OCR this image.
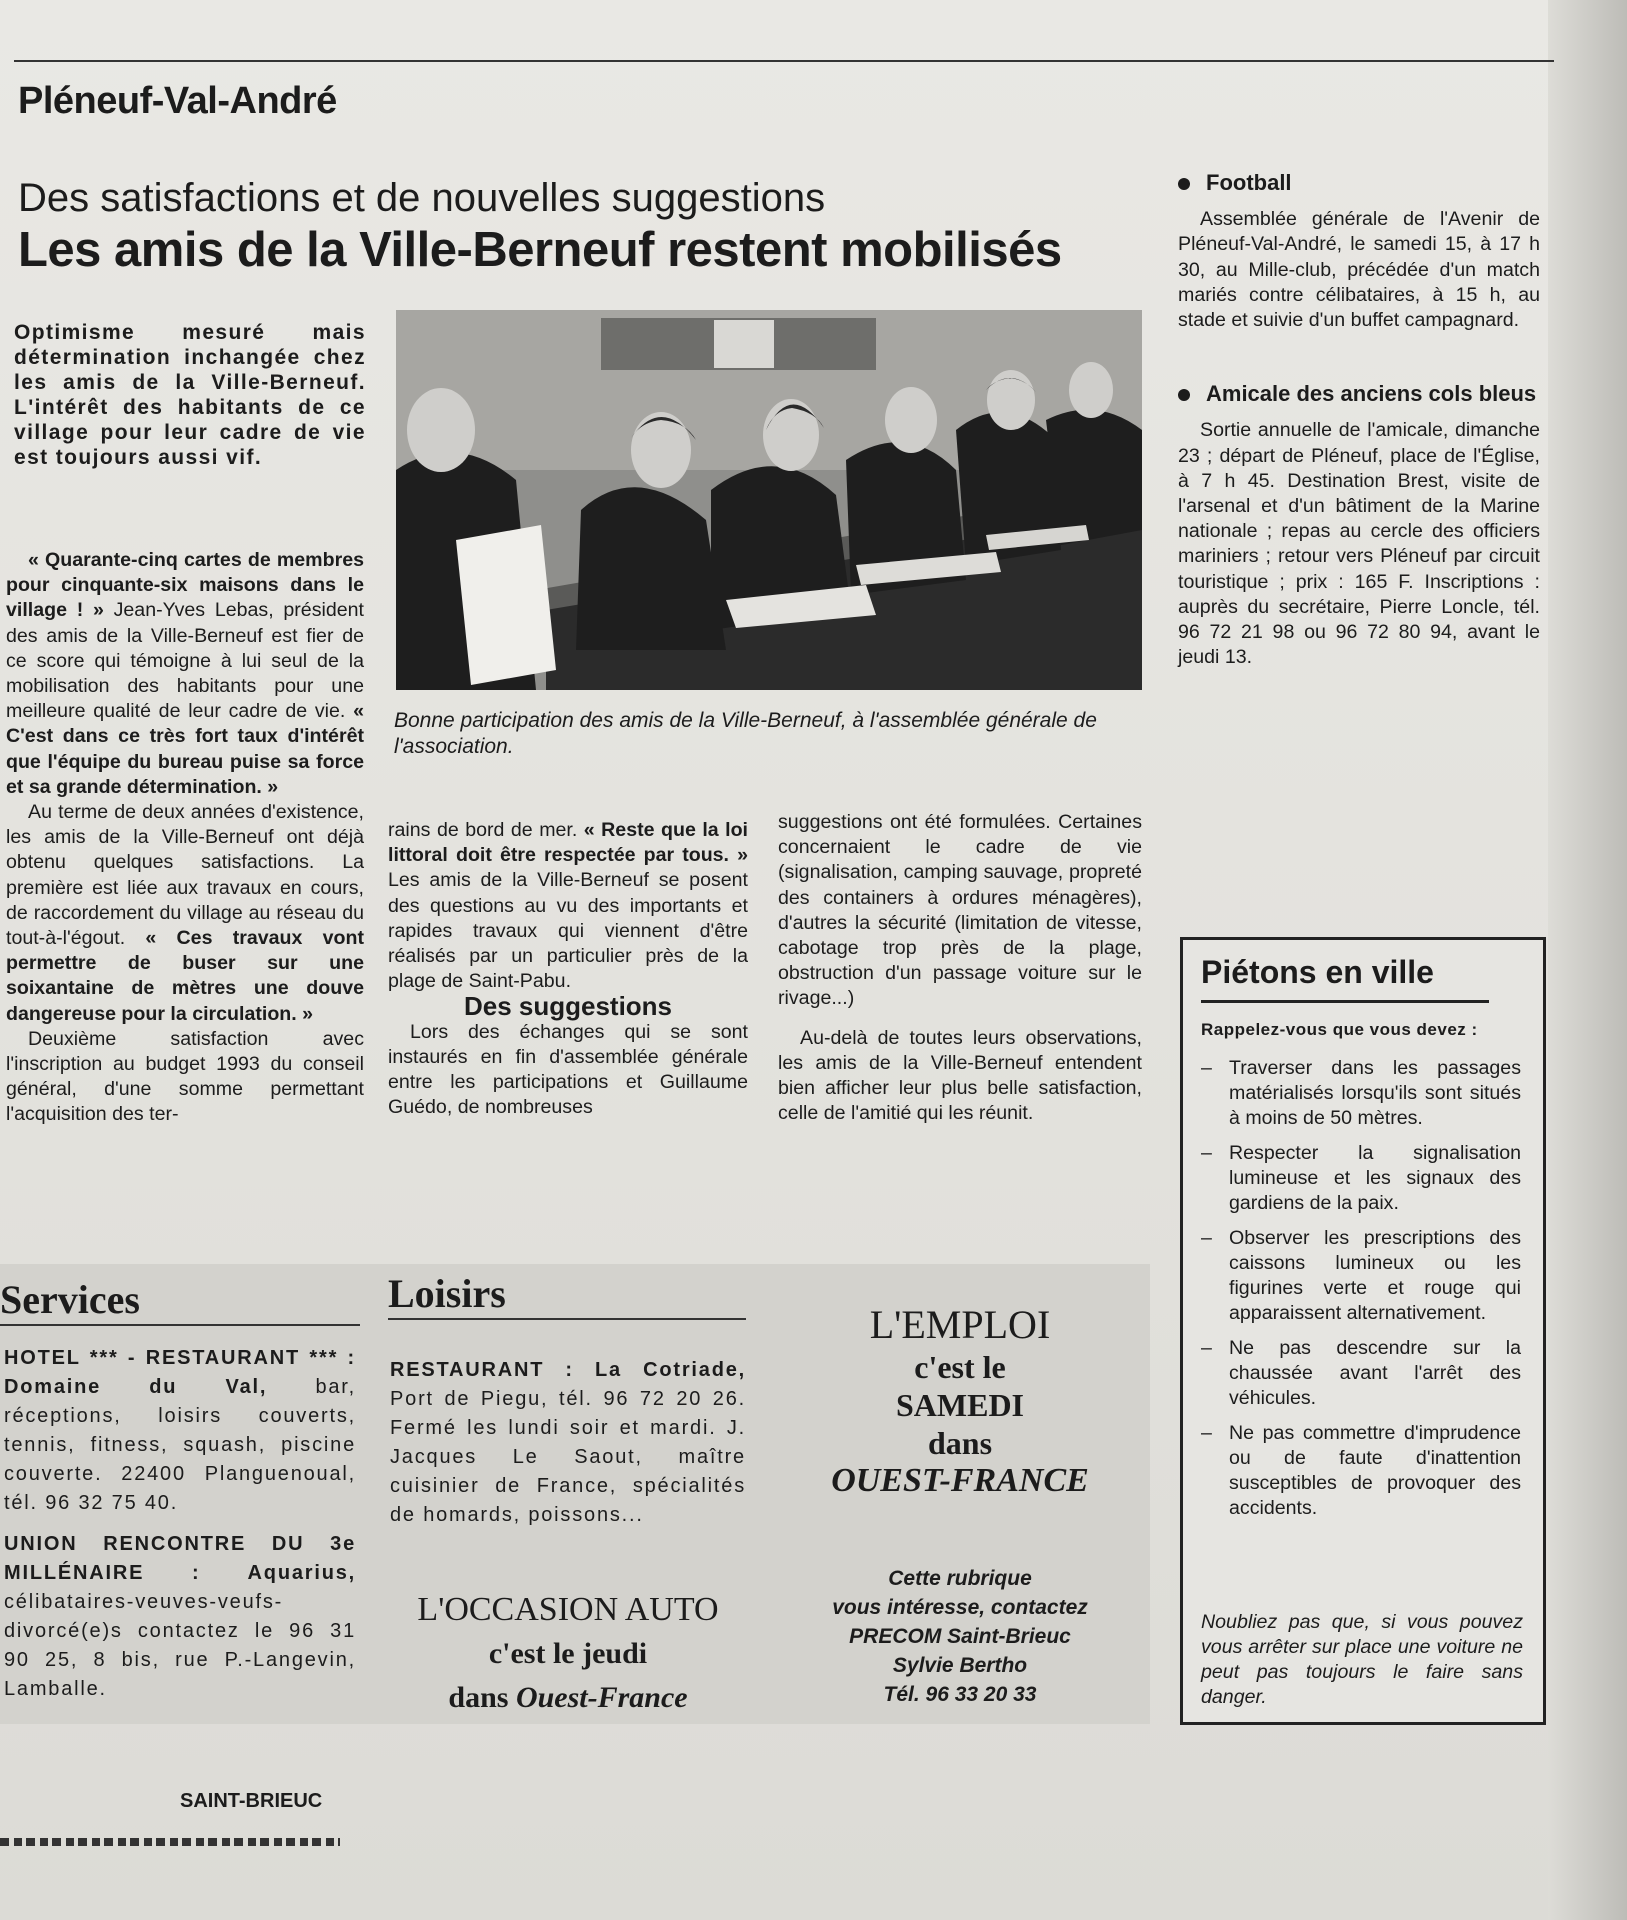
Pléneuf-Val-André
Des satisfactions et de nouvelles suggestions
Les amis de la Ville-Berneuf restent mobilisés
Optimisme mesuré mais détermination inchangée chez les amis de la Ville-Berneuf. L'intérêt des habitants de ce village pour leur cadre de vie est toujours aussi vif.
Bonne participation des amis de la Ville-Berneuf, à l'assemblée générale de l'association.

« Quarante-cinq cartes de membres pour cinquante-six maisons dans le village ! » Jean-Yves Lebas, président des amis de la Ville-Berneuf est fier de ce score qui témoigne à lui seul de la mobilisation des habitants pour une meilleure qualité de leur cadre de vie. « C'est dans ce très fort taux d'intérêt que l'équipe du bureau puise sa force et sa grande détermination. »

Au terme de deux années d'existence, les amis de la Ville-Berneuf ont déjà obtenu quelques satisfactions. La première est liée aux travaux en cours, de raccordement du village au réseau du tout-à-l'égout. « Ces travaux vont permettre de buser sur une soixantaine de mètres une douve dangereuse pour la circulation. »

Deuxième satisfaction avec l'inscription au budget 1993 du conseil général, d'une somme permettant l'acquisition des ter-

rains de bord de mer. « Reste que la loi littoral doit être respectée par tous. » Les amis de la Ville-Berneuf se posent des questions au vu des importants et rapides travaux qui viennent d'être réalisés par un particulier près de la plage de Saint-Pabu.

Des suggestions

Lors des échanges qui se sont instaurés en fin d'assemblée générale entre les participations et Guillaume Guédo, de nombreuses

suggestions ont été formulées. Certaines concernaient le cadre de vie (signalisation, camping sauvage, propreté des containers à ordures ménagères), d'autres la sécurité (limitation de vitesse, cabotage trop près de la plage, obstruction d'un passage voiture sur le rivage...)

Au-delà de toutes leurs observations, les amis de la Ville-Berneuf entendent bien afficher leur plus belle satisfaction, celle de l'amitié qui les réunit.

Football

Assemblée générale de l'Avenir de Pléneuf-Val-André, le samedi 15, à 17 h 30, au Mille-club, précédée d'un match mariés contre célibataires, à 15 h, au stade et suivie d'un buffet campagnard.

Amicale des anciens cols bleus

Sortie annuelle de l'amicale, dimanche 23 ; départ de Pléneuf, place de l'Église, à 7 h 45. Destination Brest, visite de l'arsenal et d'un bâtiment de la Marine nationale ; repas au cercle des officiers mariniers ; retour vers Pléneuf par circuit touristique ; prix : 165 F. Inscriptions : auprès du secrétaire, Pierre Loncle, tél. 96 72 21 98 ou 96 72 80 94, avant le jeudi 13.

Services
HOTEL *** - RESTAURANT *** : Domaine du Val, bar, réceptions, loisirs couverts, tennis, fitness, squash, piscine couverte. 22400 Planguenoual, tél. 96 32 75 40.
UNION RENCONTRE DU 3e MILLÉNAIRE : Aquarius, célibataires-veuves-veufs-divorcé(e)s contactez le 96 31 90 25, 8 bis, rue P.-Langevin, Lamballe.
Loisirs
RESTAURANT : La Cotriade, Port de Piegu, tél. 96 72 20 26. Fermé les lundi soir et mardi. J. Jacques Le Saout, maître cuisinier de France, spécialités de homards, poissons...
L'OCCASION AUTO
c'est le jeudi
dans Ouest-France
L'EMPLOI
c'est le
SAMEDI
dans
OUEST-FRANCE
Cette rubrique
vous intéresse, contactez
PRECOM Saint-Brieuc
Sylvie Bertho
Tél. 96 33 20 33
Piétons en ville
Rappelez-vous que vous devez :
– Traverser dans les passages matérialisés lorsqu'ils sont situés à moins de 50 mètres.
– Respecter la signalisation lumineuse et les signaux des gardiens de la paix.
– Observer les prescriptions des caissons lumineux ou les figurines verte et rouge qui apparaissent alternativement.
– Ne pas descendre sur la chaussée avant l'arrêt des véhicules.
– Ne pas commettre d'imprudence ou de faute d'inattention susceptibles de provoquer des accidents.
Noubliez pas que, si vous pouvez vous arrêter sur place une voiture ne peut pas toujours le faire sans danger.
SAINT-BRIEUC
